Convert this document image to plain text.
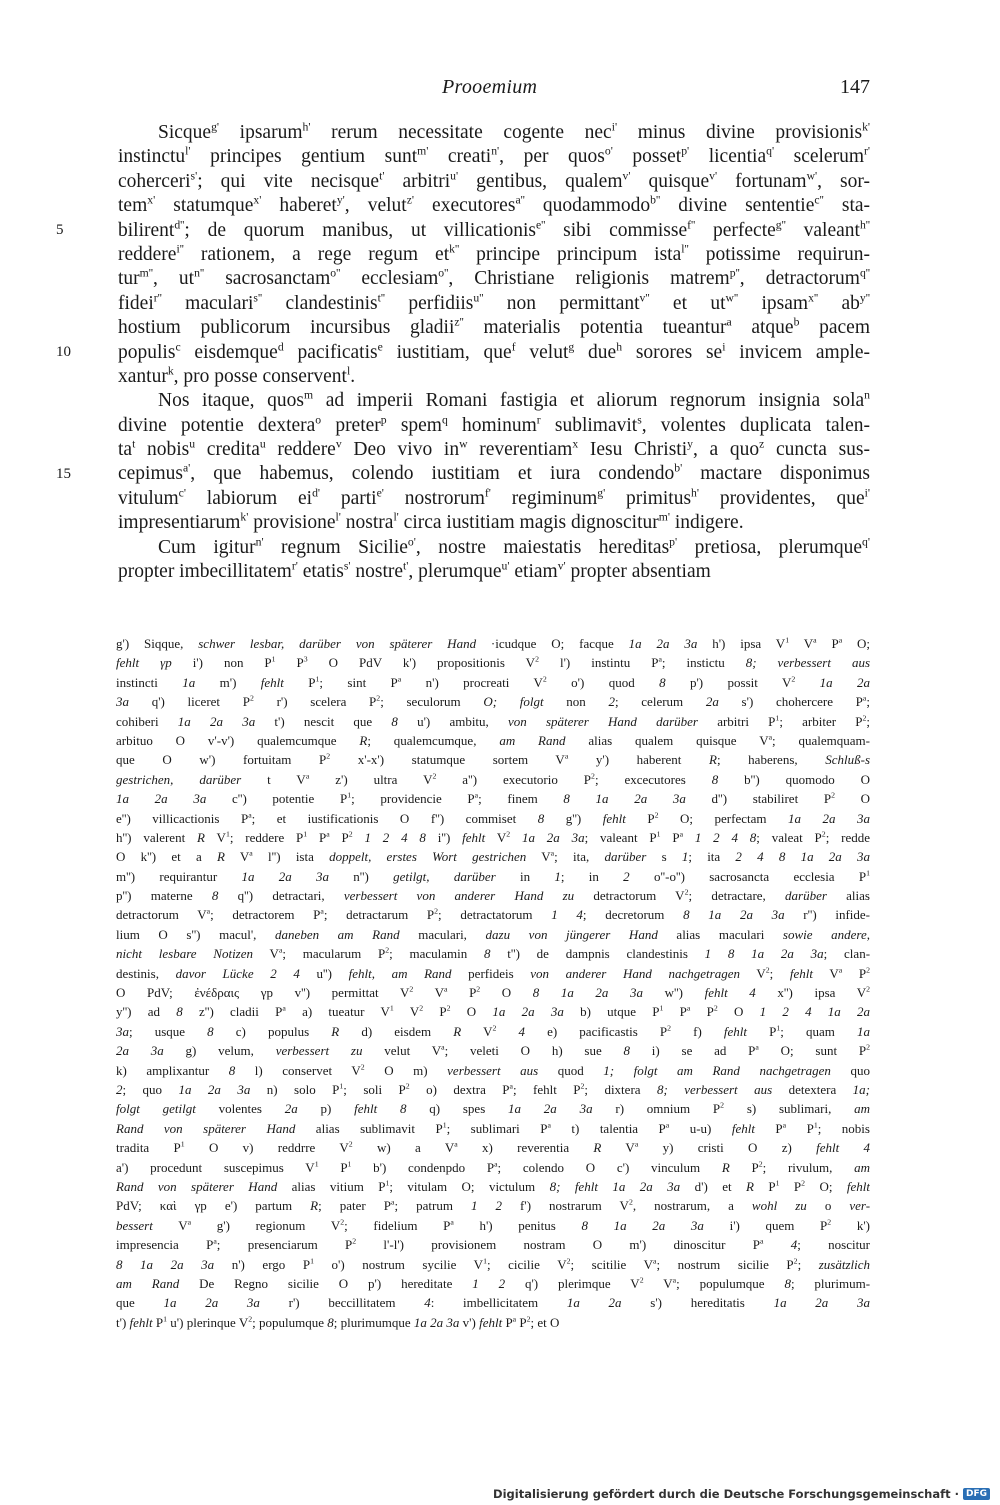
Prooemium	147
5
10
15
Sicque$^{g'}$ ipsarum$^{h'}$ rerum necessitate cogente nec$^{i'}$ minus divine provisionis$^{k'}$
instinctu$^{l'}$ principes gentium sunt$^{m'}$ creati$^{n'}$, per quos$^{o'}$ posset$^{p'}$ licentia$^{q'}$ scelerum$^{r'}$
coherceri$^{s'}$; qui vite necisque$^{t'}$ arbitri$^{u'}$ gentibus, qualem$^{v'}$ quisque$^{v'}$ fortunam$^{w'}$, sor-
tem$^{x'}$ statumque$^{x'}$ haberet$^{y'}$, velut$^{z'}$ executores$^{a''}$ quodammodo$^{b''}$ divine sententie$^{c''}$ sta-
bilirent$^{d''}$; de quorum manibus, ut villicationis$^{e''}$ sibi commisse$^{f''}$ perfecte$^{g''}$ valeant$^{h''}$
reddere$^{i''}$ rationem, a rege regum $et^{k''}$ principe principum ista$^{l''}$ potissime requirun-
tur$^{m''}$, $ut^{n''}$ sacrosanctam$^{o''}$ ecclesiam$^{o''}$, Christiane religionis matrem$^{p''}$, detractorum$^{q''}$
fidei$^{r''}$ maculari$^{s''}$ clandestinis$^{t''}$ perfidiis$^{u''}$ non permittant$^{v''}$ et $ut^{w''}$ ipsam$^{x''}$ $ab^{y''}$
hostium publicorum incursibus gladii$^{z''}$ materialis potentia tueantur$^a$ atque$^b$ pacem
populis$^c$ eisdemque$^d$ pacificatis$^e$ iustitiam, que$^f$ velut$^g$ due$^h$ sorores $se^i$ invicem ample-
xantur$^k$, pro posse conservent$^l$.
Nos itaque, quos$^m$ ad imperii Romani fastigia et aliorum regnorum insignia sola$^n$
divine potentie dextera$^o$ preter$^p$ spem$^q$ hominum$^r$ sublimavit$^s$, volentes duplicata talen-
$ta^t$ nobis$^u$ credita$^u$ reddere$^v$ Deo vivo $in^w$ reverentiam$^x$ Iesu Christi$^y$, a quo$^z$ cuncta sus-
cepimus$^{a'}$, que habemus, colendo iustitiam et iura condendo$^{b'}$ mactare disponimus
vitulum$^{c'}$ labiorum $ei^{d'}$ parti$^{e'}$ nostrorum$^{f'}$ regiminum$^{g'}$ primitus$^{h'}$ providentes, que$^{i'}$
impresentiarum$^{k'}$ provisione$^{l'}$ nostra$^{l'}$ circa iustitiam magis dignoscitur$^{m'}$ indigere.
Cum igitur$^{n'}$ regnum Sicilie$^{o'}$, nostre maiestatis hereditas$^{p'}$ pretiosa, plerumque$^{q'}$
propter imbecillitatem$^{r'}$ etatis$^{s'}$ nostre$^{t'}$, plerumque$^{u'}$ etiam$^{v'}$ propter absentiam
g') Siqque, schwer lesbar, darüber von späterer Hand ·icudque O; facque 1a 2a 3a h') ipsa $V^1$ $V^a$ $P^a$ O;
fehlt γp i') non $P^1$ $P^3$ O PdV k') propositionis $V^2$ l') instintu $P^a$; instictu 8; verbessert aus
instincti 1a m') fehlt $P^1$; sint $P^a$ n') procreati $V^2$ o') quod 8 p') possit $V^2$ 1a 2a
3a q') liceret $P^2$ r') scelera $P^2$; seculorum O; folgt non 2; celerum 2a s') chohercere $P^a$;
cohiberi 1a 2a 3a t') nescit que 8 u') ambitu, von späterer Hand darüber arbitri $P^1$; arbiter $P^2$;
arbituo O v'-v') qualemcumque R; qualemcumque, am Rand alias qualem quisque $V^a$; qualemquam-
que O w') fortuitam $P^2$ x'-x') statumque sortem $V^a$ y') haberent R; haberens, Schluß-s
gestrichen, darüber t $V^a$ z') ultra $V^2$ a'') executorio $P^2$; excecutores 8 b'') quomodo O
1a 2a 3a c'') potentie $P^1$; providencie $P^a$; finem 8 1a 2a 3a d'') stabiliret $P^2$ O
e'') villicactionis $P^a$; et iustificationis O f'') commiset 8 g'') fehlt $P^2$ O; perfectam 1a 2a 3a
h'') valerent R $V^1$; reddere $P^1$ $P^a$ $P^2$ 1 2 4 8 i'') fehlt $V^2$ 1a 2a 3a; valeant $P^1$ $P^a$ 1 2 4 8; valeat $P^2$; redde
O k'') et a R $V^a$ l'') ista doppelt, erstes Wort gestrichen $V^a$; ita, darüber s 1; ita 2 4 8 1a 2a 3a
m'') requirantur 1a 2a 3a n'') getilgt, darüber in 1; in 2 o''-o'') sacrosancta ecclesia $P^1$
p'') materne 8 q'') detractari, verbessert von anderer Hand zu detractorum $V^2$; detractare, darüber alias
detractorum $V^a$; detractorem $P^a$; detractarum $P^2$; detractatorum 1 4; decretorum 8 1a 2a 3a r'') infide-
lium O s'') macul', daneben am Rand maculari, dazu von jüngerer Hand alias maculari sowie andere,
nicht lesbare Notizen $V^a$; macularum $P^2$; maculamin 8 t'') de dampnis clandestinis 1 8 1a 2a 3a; clan-
destinis, davor Lücke 2 4 u'') fehlt, am Rand perfideis von anderer Hand nachgetragen $V^2$; fehlt $V^a$ $P^2$
O PdV; ἐνέδραις γp v'') permittat $V^2$ $V^a$ $P^2$ O 8 1a 2a 3a w'') fehlt 4 x'') ipsa $V^2$
y'') ad 8 z'') cladii $P^a$ a) tueatur $V^1$ $V^2$ $P^2$ O 1a 2a 3a b) utque $P^1$ $P^a$ $P^2$ O 1 2 4 1a 2a
3a; usque 8 c) populus R d) eisdem R $V^2$ 4 e) pacificastis $P^2$ f) fehlt $P^1$; quam 1a
2a 3a g) velum, verbessert zu velut $V^a$; veleti O h) sue 8 i) se ad $P^a$ O; sunt $P^2$
k) amplixantur 8 l) conservet $V^2$ O m) verbessert aus quod 1; folgt am Rand nachgetragen quo
2; quo 1a 2a 3a n) solo $P^1$; soli $P^2$ o) dextra $P^a$; fehlt $P^2$; dixtera 8; verbessert aus detextera 1a;
folgt getilgt volentes 2a p) fehlt 8 q) spes 1a 2a 3a r) omnium $P^2$ s) sublimari, am
Rand von späterer Hand alias sublimavit $P^1$; sublimari $P^a$ t) talentia $P^a$ u-u) fehlt $P^a$ $P^1$; nobis
tradita $P^1$ O v) reddrre $V^2$ w) a $V^a$ x) reverentia R $V^a$ y) cristi O z) fehlt 4
a') procedunt suscepimus $V^1$ $P^1$ b') condenpdo $P^a$; colendo O c') vinculum R $P^2$; rivulum, am
Rand von späterer Hand alias vitium $P^1$; vitulam O; victulum 8; fehlt 1a 2a 3a d') et R $P^1$ $P^2$ O; fehlt
PdV; καὶ γp e') partum R; pater $P^a$; patrum 1 2 f') nostrarum $V^2$, nostrarum, a wohl zu o ver-
bessert $V^a$ g') regionum $V^2$; fidelium $P^a$ h') penitus 8 1a 2a 3a i') quem $P^2$ k')
impresencia $P^a$; presenciarum $P^2$ l'-l') provisionem nostram O m') dinoscitur $P^a$ 4; noscitur
8 1a 2a 3a n') ergo $P^1$ o') nostrum sycilie $V^1$; cicilie $V^2$; scitilie $V^a$; nostrum sicilie $P^2$; zusätzlich
am Rand De Regno sicilie O p') hereditate 1 2 q') plerimque $V^2$ $V^a$; populumque 8; plurimum-
que 1a 2a 3a r') beccillitatem 4: imbellicitatem 1a 2a s') hereditatis 1a 2a 3a
t') fehlt $P^1$ u') plerinque $V^2$; populumque 8; plurimumque 1a 2a 3a v') fehlt $P^a$ $P^2$; et O
Digitalisierung gefördert durch die Deutsche Forschungsgemeinschaft · DFG
